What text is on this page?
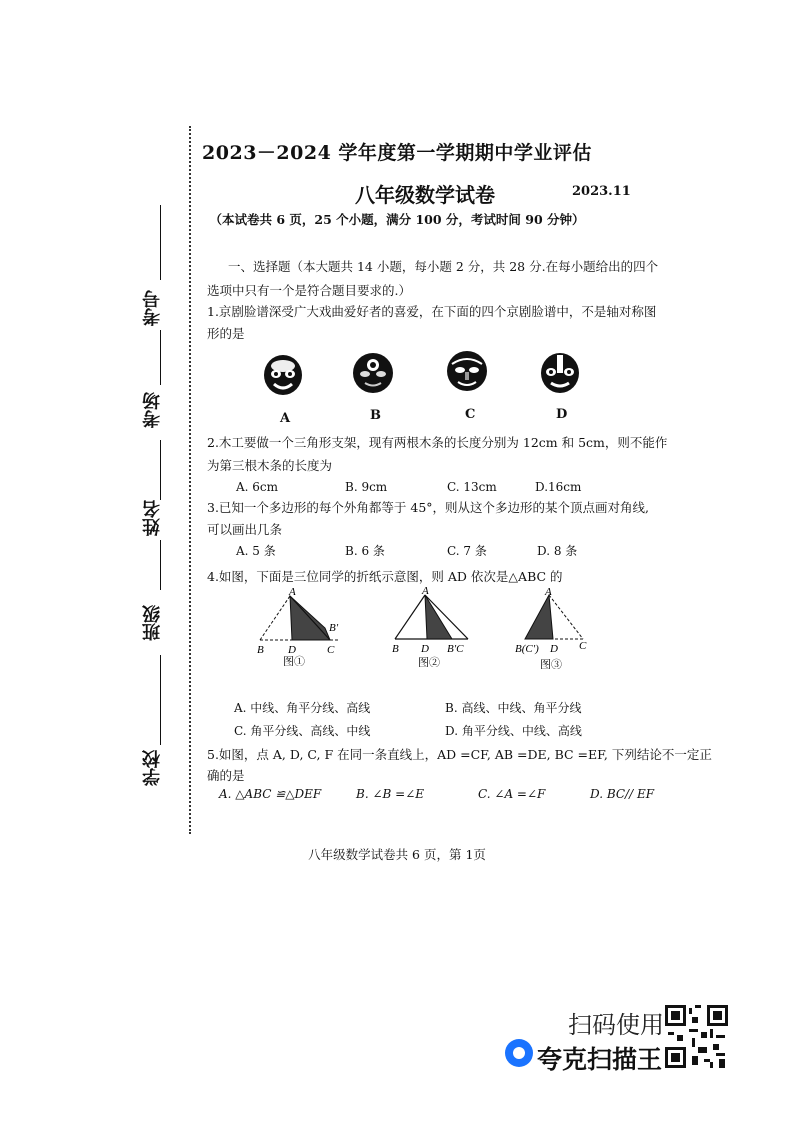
考号
考场
姓名
班级
学校
2023－2024 学年度第一学期期中学业评估
八年级数学试卷	2023.11
（本试卷共 6 页，25 个小题，满分 100 分，考试时间 90 分钟）
一、选择题（本大题共 14 小题，每小题 2 分，共 28 分.在每小题给出的四个
选项中只有一个是符合题目要求的.）
1.京剧脸谱深受广大戏曲爱好者的喜爱，在下面的四个京剧脸谱中，不是轴对称图
形的是
A	B	C	D
2.木工要做一个三角形支架，现有两根木条的长度分别为 12cm 和 5cm，则不能作
为第三根木条的长度为
A. 6cm	B. 9cm	C. 13cm	D.16cm
3.已知一个多边形的每个外角都等于 45°，则从这个多边形的某个顶点画对角线,
可以画出几条
A. 5 条	B. 6 条	C. 7 条	D. 8 条
4.如图，下面是三位同学的折纸示意图，则 AD 依次是△ABC 的
A
B D	C
B′
图①
A
B D B′C
图②
A
B(C′) D C
图③
A. 中线、角平分线、高线	B. 高线、中线、角平分线
C. 角平分线、高线、中线	D. 角平分线、中线、高线
5.如图，点 A, D, C, F 在同一条直线上，AD =CF, AB =DE, BC =EF, 下列结论不一定正
确的是
A. △ABC ≌△DEF	B. ∠B =∠E	C. ∠A =∠F	D. BC// EF
八年级数学试卷共 6 页，第 1页
扫码使用
夸克扫描王
